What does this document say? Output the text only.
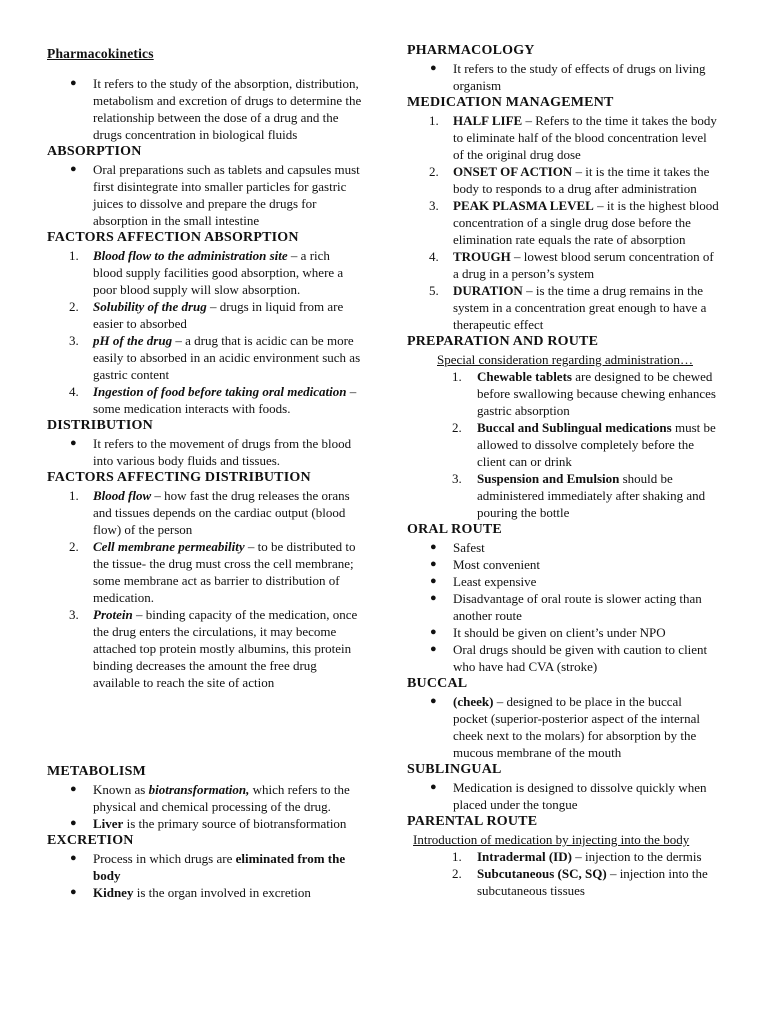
Pharmacokinetics
● It refers to the study of the absorption, distribution, metabolism and excretion of drugs to determine the relationship between the dose of a drug and the drugs concentration in biological fluids
ABSORPTION
● Oral preparations such as tablets and capsules must first disintegrate into smaller particles for gastric juices to dissolve and prepare the drugs for absorption in the small intestine
FACTORS AFFECTION ABSORPTION
1. Blood flow to the administration site – a rich blood supply facilities good absorption, where a poor blood supply will slow absorption.
2. Solubility of the drug – drugs in liquid from are easier to absorbed
3. pH of the drug – a drug that is acidic can be more easily to absorbed in an acidic environment such as gastric content
4. Ingestion of food before taking oral medication – some medication interacts with foods.
DISTRIBUTION
● It refers to the movement of drugs from the blood into various body fluids and tissues.
FACTORS AFFECTING DISTRIBUTION
1. Blood flow – how fast the drug releases the orans and tissues depends on the cardiac output (blood flow) of the person
2. Cell membrane permeability – to be distributed to the tissue- the drug must cross the cell membrane; some membrane act as barrier to distribution of medication.
3. Protein – binding capacity of the medication, once the drug enters the circulations, it may become attached top protein mostly albumins, this protein binding decreases the amount the free drug available to reach the site of action
METABOLISM
● Known as biotransformation, which refers to the physical and chemical processing of the drug.
● Liver is the primary source of biotransformation
EXCRETION
● Process in which drugs are eliminated from the body
● Kidney is the organ involved in excretion
PHARMACOLOGY
● It refers to the study of effects of drugs on living organism
MEDICATION MANAGEMENT
1. HALF LIFE – Refers to the time it takes the body to eliminate half of the blood concentration level of the original drug dose
2. ONSET OF ACTION – it is the time it takes the body to responds to a drug after administration
3. PEAK PLASMA LEVEL – it is the highest blood concentration of a single drug dose before the elimination rate equals the rate of absorption
4. TROUGH – lowest blood serum concentration of a drug in a person’s system
5. DURATION – is the time a drug remains in the system in a concentration great enough to have a therapeutic effect
PREPARATION AND ROUTE
Special consideration regarding administration…
1. Chewable tablets are designed to be chewed before swallowing because chewing enhances gastric absorption
2. Buccal and Sublingual medications must be allowed to dissolve completely before the client can or drink
3. Suspension and Emulsion should be administered immediately after shaking and pouring the bottle
ORAL ROUTE
● Safest
● Most convenient
● Least expensive
● Disadvantage of oral route is slower acting than another route
● It should be given on client’s under NPO
● Oral drugs should be given with caution to client who have had CVA (stroke)
BUCCAL
● (cheek) – designed to be place in the buccal pocket (superior-posterior aspect of the internal cheek next to the molars) for absorption by the mucous membrane of the mouth
SUBLINGUAL
● Medication is designed to dissolve quickly when placed under the tongue
PARENTAL ROUTE
Introduction of medication by injecting into the body
1. Intradermal (ID) – injection to the dermis
2. Subcutaneous (SC, SQ) – injection into the subcutaneous tissues
